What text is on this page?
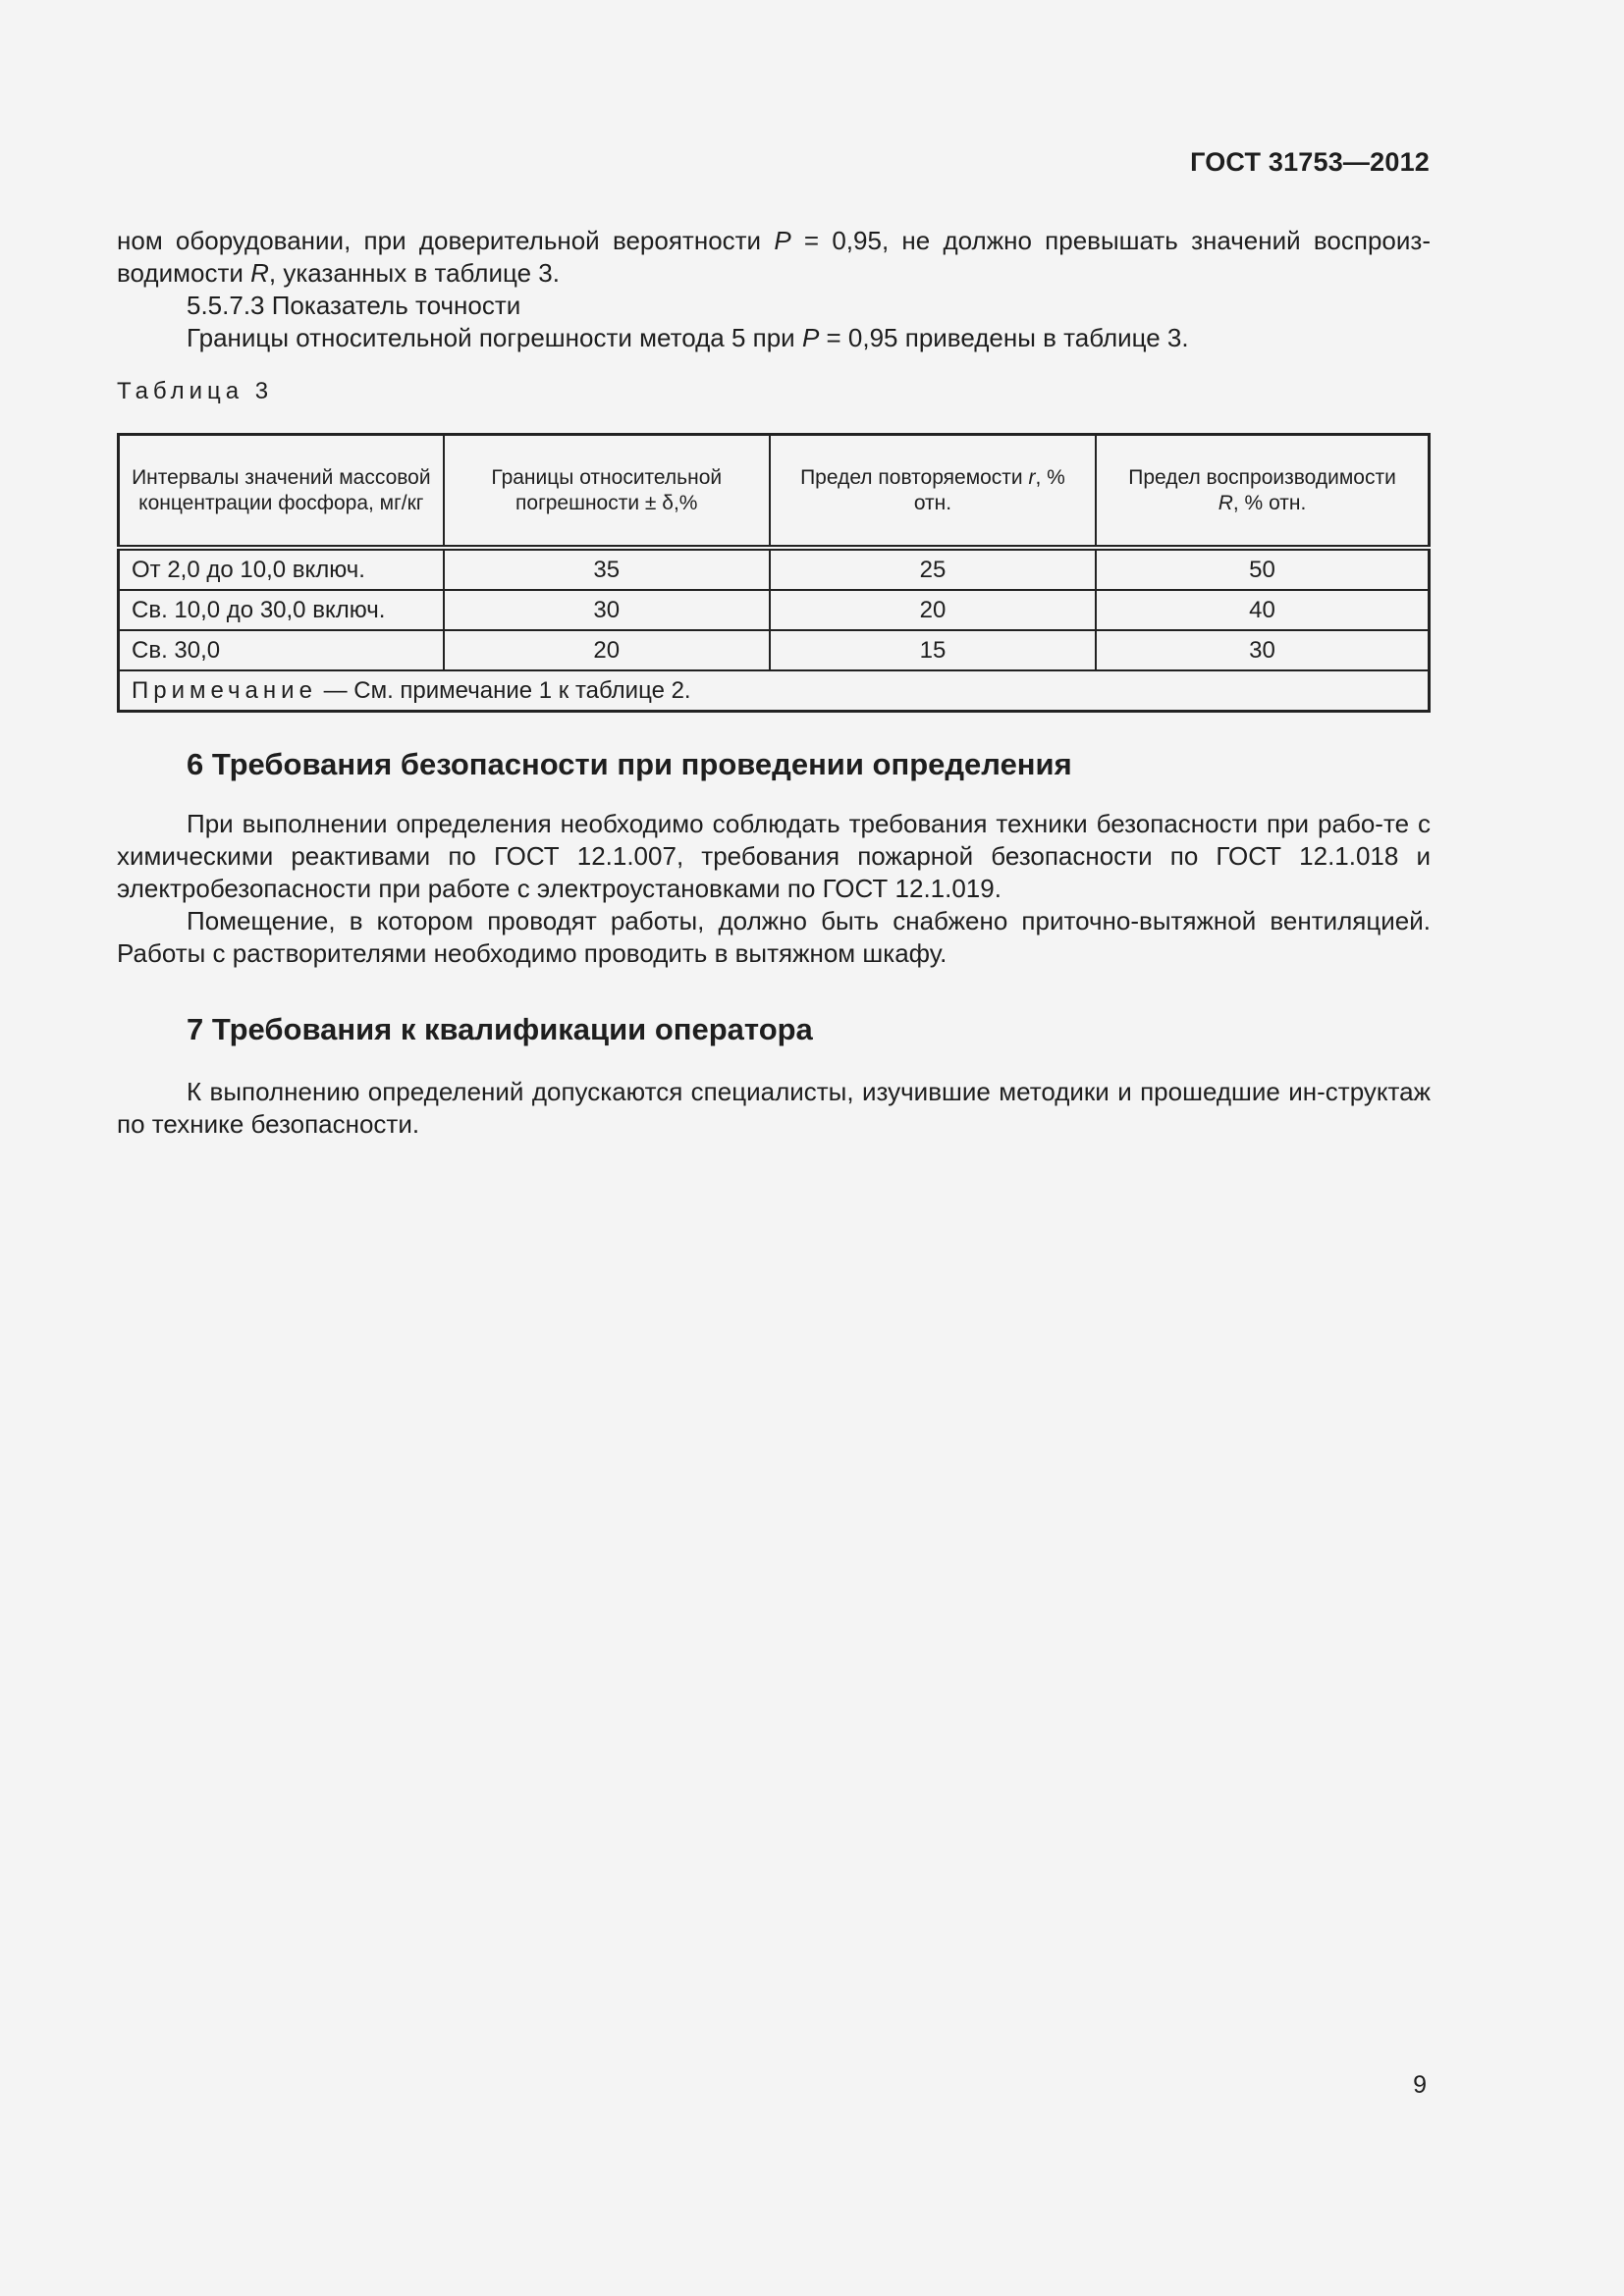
ГОСТ 31753—2012

ном оборудовании, при доверительной вероятности P = 0,95, не должно превышать значений воспроиз-водимости R, указанных в таблице 3.

5.5.7.3 Показатель точности

Границы относительной погрешности метода 5 при P = 0,95 приведены в таблице 3.

Таблица 3
Интервалы значений массовой концентрации фосфора, мг/кг	Границы относительной погрешности ± δ,%	Предел повторяемости r, % отн.	Предел воспроизводимости
R, % отн.
От 2,0 до 10,0 включ.	35	25	50
Св. 10,0 до 30,0 включ.	30	20	40
Св. 30,0	20	15	30
Примечание — См. примечание 1 к таблице 2.			
6 Требования безопасности при проведении определения

При выполнении определения необходимо соблюдать требования техники безопасности при рабо-те с химическими реактивами по ГОСТ 12.1.007, требования пожарной безопасности по ГОСТ 12.1.018 и электробезопасности при работе с электроустановками по ГОСТ 12.1.019.

Помещение, в котором проводят работы, должно быть снабжено приточно-вытяжной вентиляцией. Работы с растворителями необходимо проводить в вытяжном шкафу.

7 Требования к квалификации оператора

К выполнению определений допускаются специалисты, изучившие методики и прошедшие ин-структаж по технике безопасности.

9
